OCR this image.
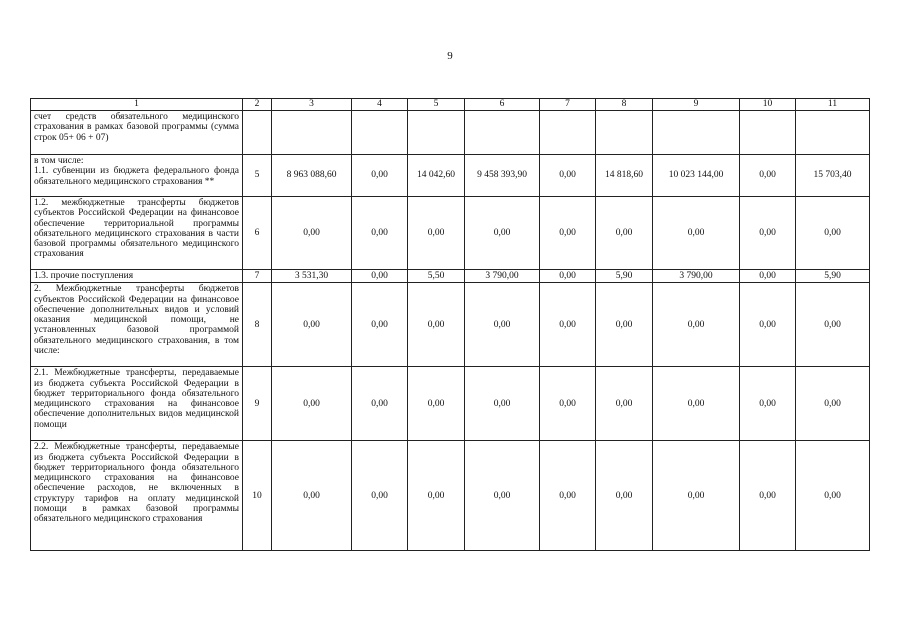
9
1	2	3	4	5	6	7	8	9	10	11
счет средств обязательного медицинского страхования в рамках базовой программы (сумма строк 05+ 06 + 07)										
в том числе:
1.1. субвенции из бюджета федерального фонда обязательного медицинского страхования **	5	8 963 088,60	0,00	14 042,60	9 458 393,90	0,00	14 818,60	10 023 144,00	0,00	15 703,40
1.2. межбюджетные трансферты бюджетов субъектов Российской Федерации на финансовое обеспечение территориальной программы обязательного медицинского страхования в части базовой программы обязательного медицинского страхования	6	0,00	0,00	0,00	0,00	0,00	0,00	0,00	0,00	0,00
1.3. прочие поступления	7	3 531,30	0,00	5,50	3 790,00	0,00	5,90	3 790,00	0,00	5,90
2. Межбюджетные трансферты бюджетов субъектов Российской Федерации на финансовое обеспечение дополнительных видов и условий оказания медицинской помощи, не установленных базовой программой обязательного медицинского страхования, в том числе:	8	0,00	0,00	0,00	0,00	0,00	0,00	0,00	0,00	0,00
2.1. Межбюджетные трансферты, передаваемые из бюджета субъекта Российской Федерации в бюджет территориального фонда обязательного медицинского страхования на финансовое обеспечение дополнительных видов медицинской помощи	9	0,00	0,00	0,00	0,00	0,00	0,00	0,00	0,00	0,00
2.2. Межбюджетные трансферты, передаваемые из бюджета субъекта Российской Федерации в бюджет территориального фонда обязательного медицинского страхования на финансовое обеспечение расходов, не включенных в структуру тарифов на оплату медицинской помощи в рамках базовой программы обязательного медицинского страхования	10	0,00	0,00	0,00	0,00	0,00	0,00	0,00	0,00	0,00
